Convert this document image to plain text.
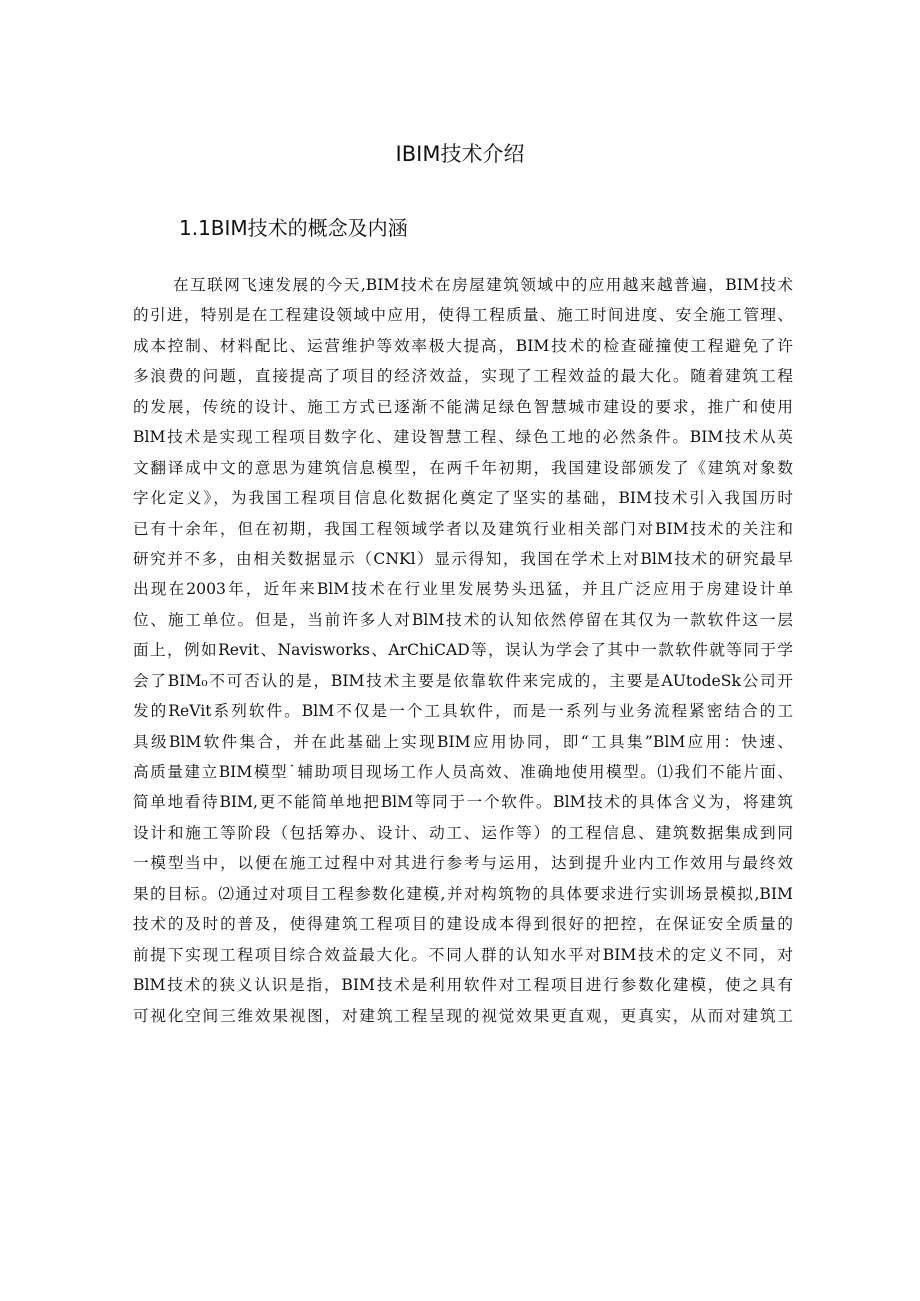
IBIM技术介绍
1.1BIM技术的概念及内涵
在互联网飞速发展的今天,BIM技术在房屋建筑领域中的应用越来越普遍，BIM技术
的引进，特别是在工程建设领域中应用，使得工程质量、施工时间进度、安全施工管理、
成本控制、材料配比、运营维护等效率极大提高，BIM技术的检查碰撞使工程避免了许
多浪费的问题，直接提高了项目的经济效益，实现了工程效益的最大化。随着建筑工程
的发展，传统的设计、施工方式已逐渐不能满足绿色智慧城市建设的要求，推广和使用
BlM技术是实现工程项目数字化、建设智慧工程、绿色工地的必然条件。BIM技术从英
文翻译成中文的意思为建筑信息模型，在两千年初期，我国建设部颁发了《建筑对象数
字化定义》，为我国工程项目信息化数据化奠定了坚实的基础，BIM技术引入我国历时
已有十余年，但在初期，我国工程领域学者以及建筑行业相关部门对BIM技术的关注和
研究并不多，由相关数据显示（CNKl）显示得知，我国在学术上对BlM技术的研究最早
出现在2003年，近年来BlM技术在行业里发展势头迅猛，并且广泛应用于房建设计单
位、施工单位。但是，当前许多人对BlM技术的认知依然停留在其仅为一款软件这一层
面上，例如Revit、Navisworks、ArChiCAD等，误认为学会了其中一款软件就等同于学
会了BIM₀不可否认的是，BIM技术主要是依靠软件来完成的，主要是AUtodeSk公司开
发的ReVit系列软件。BlM不仅是一个工具软件，而是一系列与业务流程紧密结合的工
具级BlM软件集合，并在此基础上实现BIM应用协同，即“工具集”BlM应用：快速、
高质量建立BIM模型˙辅助项目现场工作人员高效、准确地使用模型。⑴我们不能片面、
简单地看待BIM,更不能简单地把BlM等同于一个软件。BlM技术的具体含义为，将建筑
设计和施工等阶段（包括筹办、设计、动工、运作等）的工程信息、建筑数据集成到同
一模型当中，以便在施工过程中对其进行参考与运用，达到提升业内工作效用与最终效
果的目标。⑵通过对项目工程参数化建模,并对构筑物的具体要求进行实训场景模拟,BIM
技术的及时的普及，使得建筑工程项目的建设成本得到很好的把控，在保证安全质量的
前提下实现工程项目综合效益最大化。不同人群的认知水平对BIM技术的定义不同，对
BlM技术的狭义认识是指，BIM技术是利用软件对工程项目进行参数化建模，使之具有
可视化空间三维效果视图，对建筑工程呈现的视觉效果更直观，更真实，从而对建筑工
